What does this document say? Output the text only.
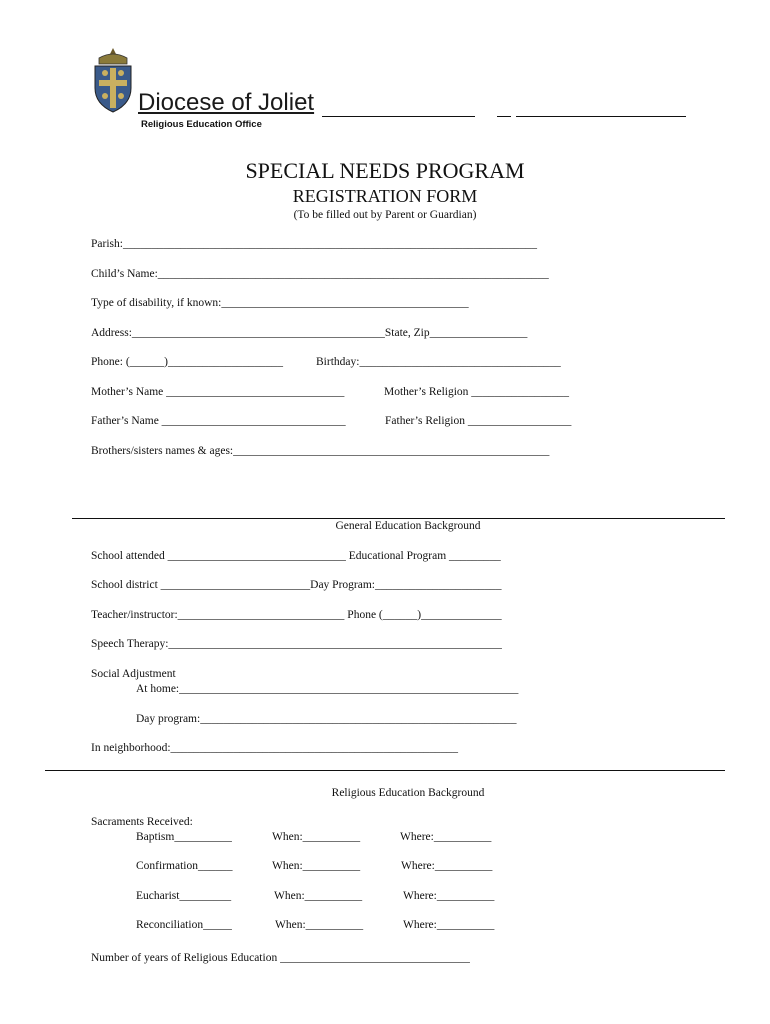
Diocese of Joliet
Religious Education Office
SPECIAL NEEDS PROGRAM
REGISTRATION FORM
(To be filled out by Parent or Guardian)
Parish:________________________________________________________________________
Child’s Name:____________________________________________________________________
Type of disability, if known:___________________________________________
Address:____________________________________________State, Zip_________________
Phone: (______)____________________	Birthday:___________________________________
Mother’s Name _______________________________	Mother’s Religion _________________
Father’s Name ________________________________	Father’s Religion __________________
Brothers/sisters names & ages:_______________________________________________________
General Education Background
School attended _______________________________ Educational Program _________
School district __________________________Day Program:______________________
Teacher/instructor:_____________________________ Phone (______)______________
Speech Therapy:__________________________________________________________
Social Adjustment
At home:___________________________________________________________
Day program:_______________________________________________________
In neighborhood:__________________________________________________
Religious Education Background
Sacraments Received:
Baptism__________	When:__________	Where:__________
Confirmation______	When:__________	Where:__________
Eucharist_________	When:__________	Where:__________
Reconciliation_____	When:__________	Where:__________
Number of years of Religious Education _________________________________
